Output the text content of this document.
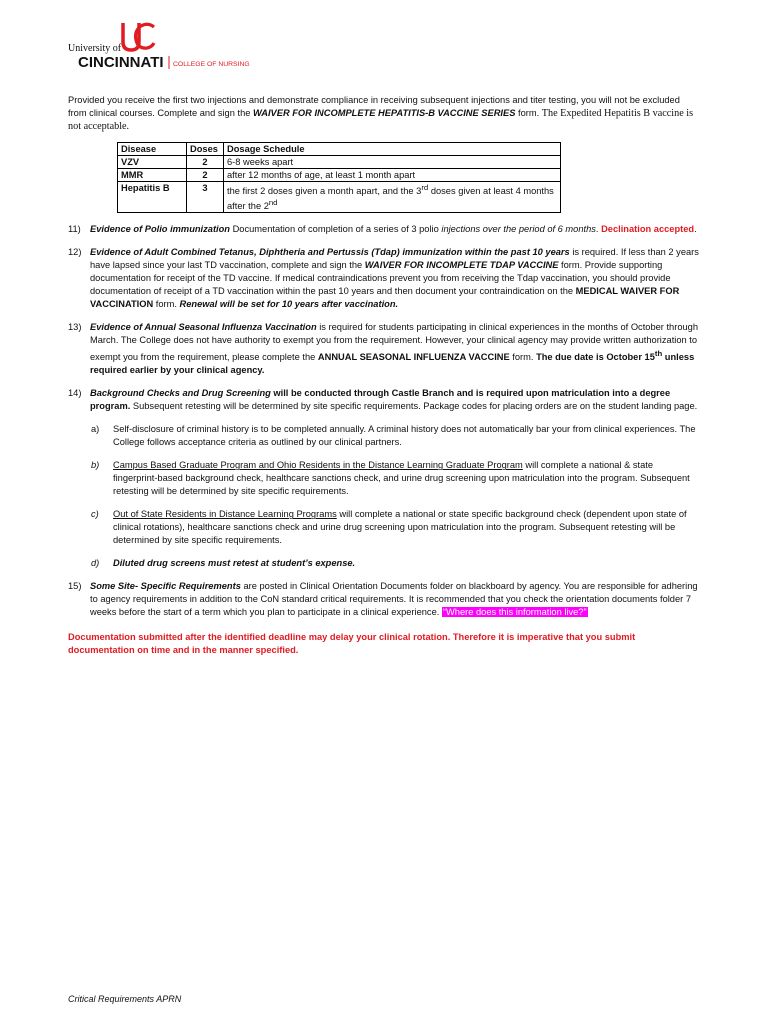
University of
CINCINNATI COLLEGE OF NURSING

Provided you receive the first two injections and demonstrate compliance in receiving subsequent injections and titer testing, you will not be excluded from clinical courses. Complete and sign the WAIVER FOR INCOMPLETE HEPATITIS-B VACCINE SERIES form. The Expedited Hepatitis B vaccine is not acceptable.

Disease	Doses	Dosage Schedule
VZV	2	6-8 weeks apart
MMR	2	after 12 months of age, at least 1 month apart
Hepatitis B	3	the first 2 doses given a month apart, and the 3rd doses given at least 4 months after the 2nd
11) Evidence of Polio immunization Documentation of completion of a series of 3 polio injections over the period of 6 months. Declination accepted.
12) Evidence of Adult Combined Tetanus, Diphtheria and Pertussis (Tdap) immunization within the past 10 years is required. If less than 2 years have lapsed since your last TD vaccination, complete and sign the WAIVER FOR INCOMPLETE TDAP VACCINE form. Provide supporting documentation for receipt of the TD vaccine. If medical contraindications prevent you from receiving the Tdap vaccination, you should provide documentation of receipt of a TD vaccination within the past 10 years and then document your contraindication on the MEDICAL WAIVER FOR VACCINATION form. Renewal will be set for 10 years after vaccination.
13) Evidence of Annual Seasonal Influenza Vaccination is required for students participating in clinical experiences in the months of October through March. The College does not have authority to exempt you from the requirement. However, your clinical agency may provide written authorization to exempt you from the requirement, please complete the ANNUAL SEASONAL INFLUENZA VACCINE form. The due date is October 15th unless required earlier by your clinical agency.
14) Background Checks and Drug Screening will be conducted through Castle Branch and is required upon matriculation into a degree program. Subsequent retesting will be determined by site specific requirements. Package codes for placing orders are on the student landing page.
a) Self-disclosure of criminal history is to be completed annually. A criminal history does not automatically bar your from clinical experiences. The College follows acceptance criteria as outlined by our clinical partners.
b) Campus Based Graduate Program and Ohio Residents in the Distance Learning Graduate Program will complete a national & state fingerprint-based background check, healthcare sanctions check, and urine drug screening upon matriculation into the program. Subsequent retesting will be determined by site specific requirements.
c) Out of State Residents in Distance Learning Programs will complete a national or state specific background check (dependent upon state of clinical rotations), healthcare sanctions check and urine drug screening upon matriculation into the program. Subsequent retesting will be determined by site specific requirements.
d) Diluted drug screens must retest at student’s expense.
15) Some Site- Specific Requirements are posted in Clinical Orientation Documents folder on blackboard by agency. You are responsible for adhering to agency requirements in addition to the CoN standard critical requirements. It is recommended that you check the orientation documents folder 7 weeks before the start of a term which you plan to participate in a clinical experience. “Where does this information live?”
Documentation submitted after the identified deadline may delay your clinical rotation. Therefore it is imperative that you submit documentation on time and in the manner specified.
Critical Requirements APRN
